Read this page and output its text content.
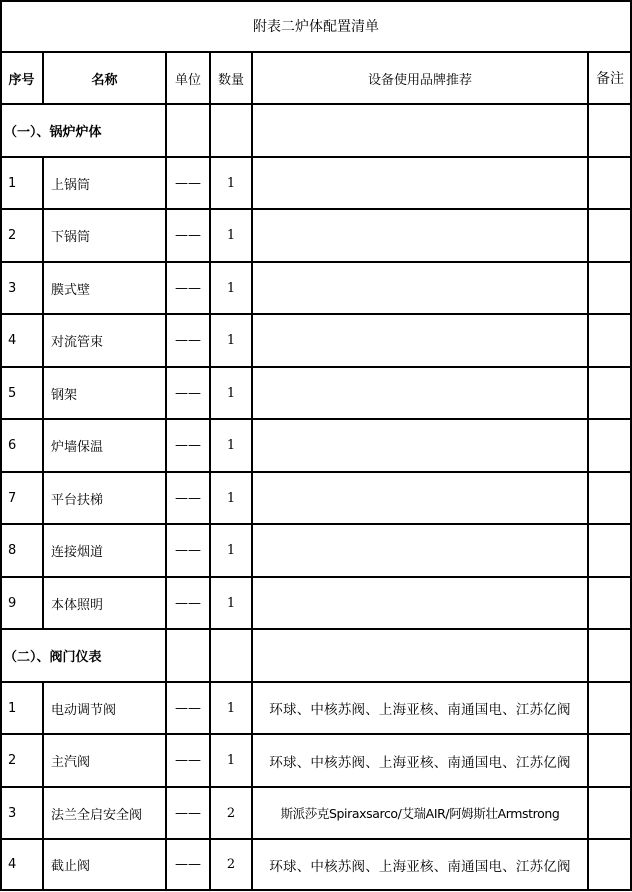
附表二炉体配置清单
序号	名称	单位	数量	设备使用品牌推荐	备注
（一）、锅炉炉体
1	上锅筒	——	1
2	下锅筒	——	1
3	膜式壁	——	1
4	对流管束	——	1
5	钢架	——	1
6	炉墙保温	——	1
7	平台扶梯	——	1
8	连接烟道	——	1
9	本体照明	——	1
（二）、阀门仪表
1	电动调节阀	——	1	环球、中核苏阀、上海亚核、南通国电、江苏亿阀
2	主汽阀	——	1	环球、中核苏阀、上海亚核、南通国电、江苏亿阀
3	法兰全启安全阀	——	2	斯派莎克Spiraxsarco/艾瑞AIR/阿姆斯壮Armstrong
4	截止阀	——	2	环球、中核苏阀、上海亚核、南通国电、江苏亿阀
